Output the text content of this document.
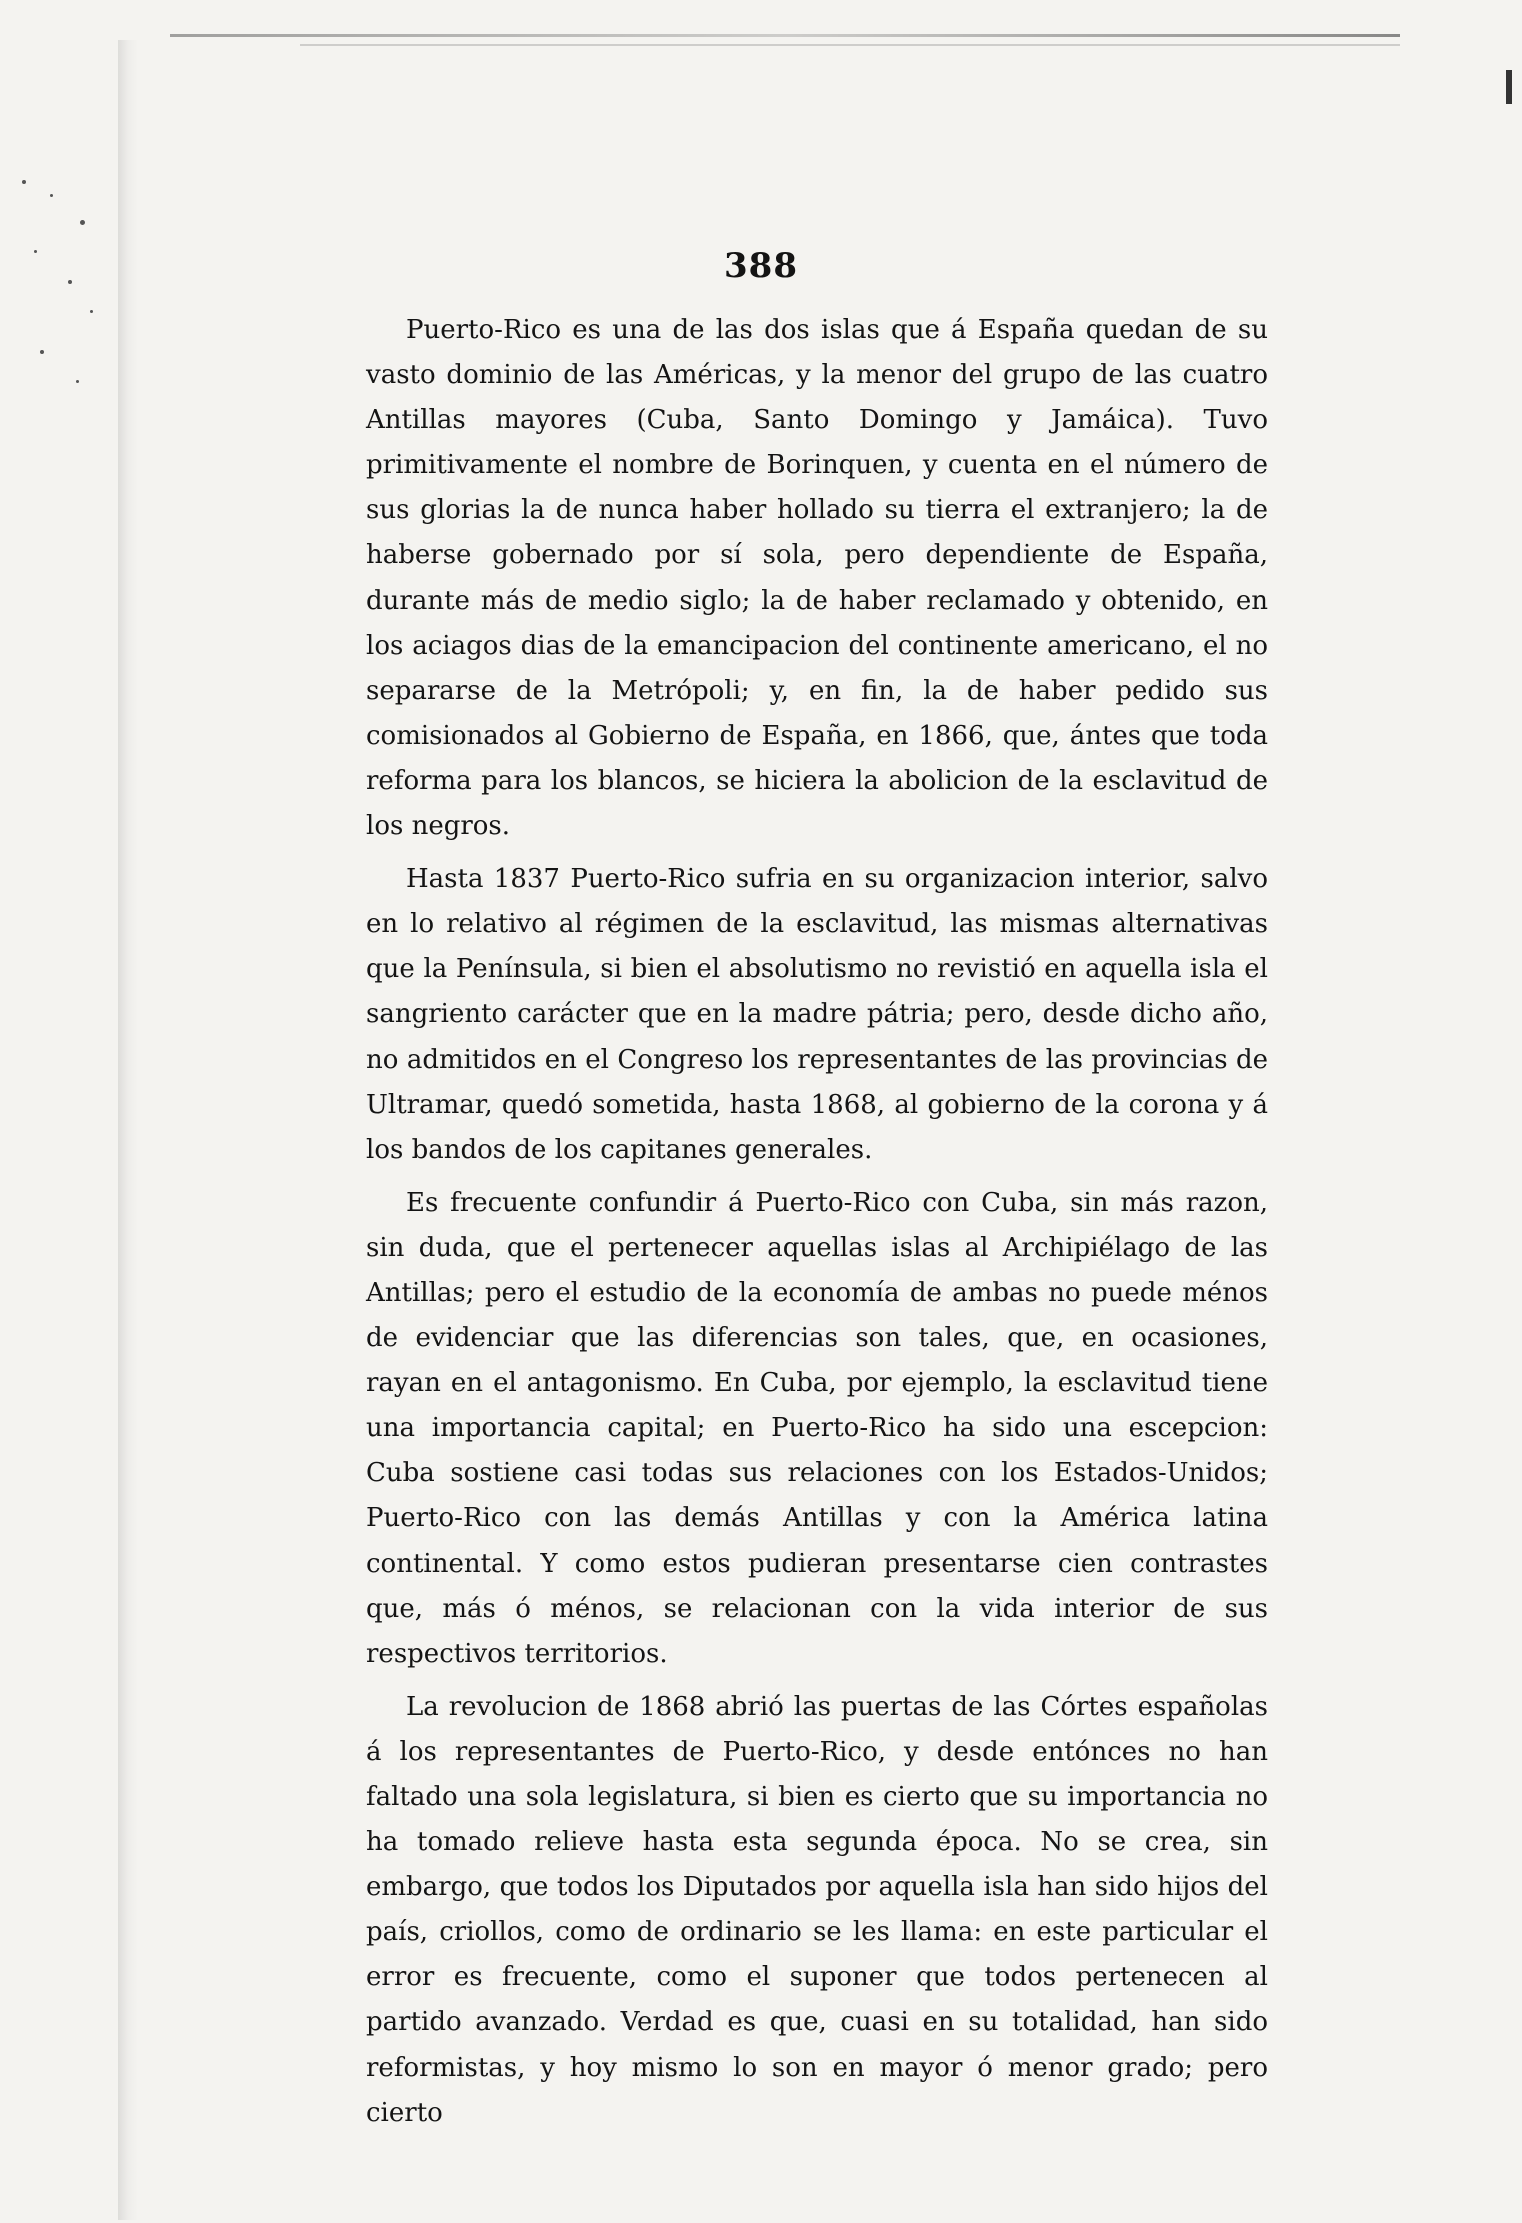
388

Puerto-Rico es una de las dos islas que á España quedan de su vasto dominio de las Américas, y la menor del grupo de las cuatro Antillas mayores (Cuba, Santo Domingo y Jamáica). Tuvo primitivamente el nombre de Borinquen, y cuenta en el número de sus glorias la de nunca haber hollado su tierra el extranjero; la de haberse gobernado por sí sola, pero dependiente de España, durante más de medio siglo; la de haber reclamado y obtenido, en los aciagos dias de la emancipacion del continente americano, el no separarse de la Metrópoli; y, en fin, la de haber pedido sus comisionados al Gobierno de España, en 1866, que, ántes que toda reforma para los blancos, se hiciera la abolicion de la esclavitud de los negros.

Hasta 1837 Puerto-Rico sufria en su organizacion interior, salvo en lo relativo al régimen de la esclavitud, las mismas alternativas que la Península, si bien el absolutismo no revistió en aquella isla el sangriento carácter que en la madre pátria; pero, desde dicho año, no admitidos en el Congreso los representantes de las provincias de Ultramar, quedó sometida, hasta 1868, al gobierno de la corona y á los bandos de los capitanes generales.

Es frecuente confundir á Puerto-Rico con Cuba, sin más razon, sin duda, que el pertenecer aquellas islas al Archipiélago de las Antillas; pero el estudio de la economía de ambas no puede ménos de evidenciar que las diferencias son tales, que, en ocasiones, rayan en el antagonismo. En Cuba, por ejemplo, la esclavitud tiene una importancia capital; en Puerto-Rico ha sido una escepcion: Cuba sostiene casi todas sus relaciones con los Estados-Unidos; Puerto-Rico con las demás Antillas y con la América latina continental. Y como estos pudieran presentarse cien contrastes que, más ó ménos, se relacionan con la vida interior de sus respectivos territorios.

La revolucion de 1868 abrió las puertas de las Córtes españolas á los representantes de Puerto-Rico, y desde entónces no han faltado una sola legislatura, si bien es cierto que su importancia no ha tomado relieve hasta esta segunda época. No se crea, sin embargo, que todos los Diputados por aquella isla han sido hijos del país, criollos, como de ordinario se les llama: en este particular el error es frecuente, como el suponer que todos pertenecen al partido avanzado. Verdad es que, cuasi en su totalidad, han sido reformistas, y hoy mismo lo son en mayor ó menor grado; pero cierto
